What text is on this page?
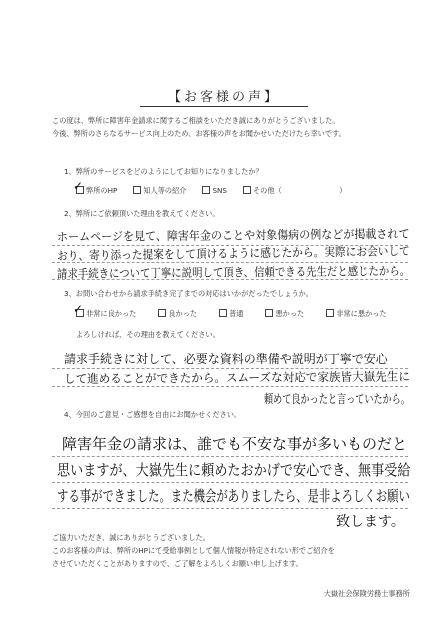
【お客様の声】
この度は、弊所に障害年金請求に関するご相談をいただき誠にありがとうございました。
今後、弊所のさらなるサービス向上のため、お客様の声をお聞かせいただけたら幸いです。
1、弊所のサービスをどのようにしてお知りになりましたか？
弊所のHP	知人等の紹介	SNS	その他（　　　　　　　　）
✓
2、弊所にご依頼頂いた理由を教えてください。
ホームページを見て、障害年金のことや対象傷病の例などが掲載されて
おり、寄り添った提案をして頂けるように感じたから。実際にお会いして
請求手続きについて丁寧に説明して頂き、信頼できる先生だと感じたから。
3、お問い合わせから請求手続き完了までの対応はいかがだったでしょうか。
非常に良かった	良かった	普通	悪かった	非常に悪かった
✓
よろしければ、その理由を教えてください。
請求手続きに対して、必要な資料の準備や説明が丁寧で安心
して進めることができたから。スムーズな対応で家族皆大嶽先生に
頼めて良かったと言っていたから。
4、今回のご意見・ご感想を自由にお聞かせください。
障害年金の請求は、誰でも不安な事が多いものだと
思いますが、大嶽先生に頼めたおかげで安心でき、無事受給
する事ができました。また機会がありましたら、是非よろしくお願い
致します。
ご協力いただき、誠にありがとうございました。
このお客様の声は、弊所のHPにて受給事例として個人情報が特定されない形でご紹介を
させていただくことがありますので、ご了解をよろしくお願い申し上げます。
大嶽社会保険労務士事務所
